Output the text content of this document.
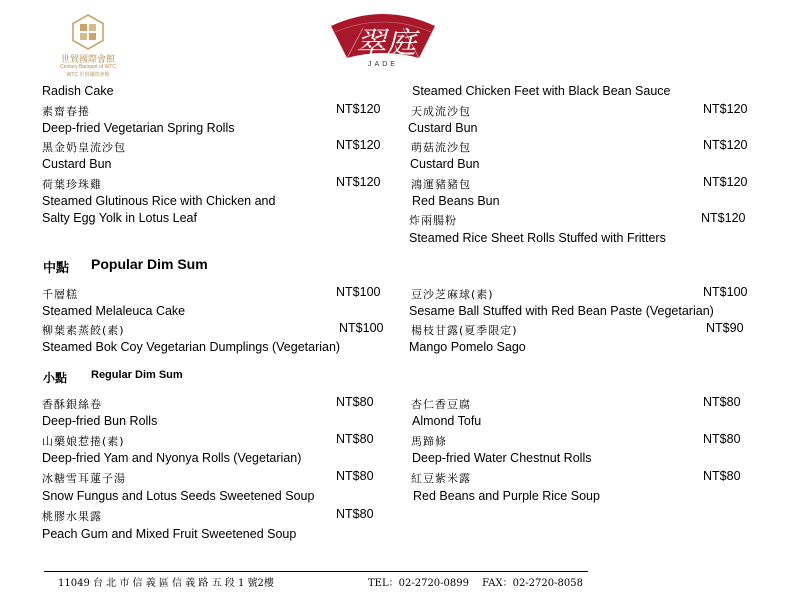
世貿國際會館
Century Banquet of WTC
WTC 世貿國際會館
翠庭
JADE
Radish Cake
素齋春捲	NT$120
Deep-fried Vegetarian Spring Rolls
黑金奶皇流沙包	NT$120
Custard Bun
荷葉珍珠雞	NT$120
Steamed Glutinous Rice with Chicken and
Salty Egg Yolk in Lotus Leaf
Steamed Chicken Feet with Black Bean Sauce
天成流沙包	NT$120
Custard Bun
萌菇流沙包	NT$120
Custard Bun
鴻運豬豬包	NT$120
Red Beans Bun
炸兩腸粉	NT$120
Steamed Rice Sheet Rolls Stuffed with Fritters
中點 Popular Dim Sum
千層糕	NT$100
Steamed Melaleuca Cake
柳葉素蒸餃(素)	NT$100
Steamed Bok Coy Vegetarian Dumplings (Vegetarian)
豆沙芝麻球(素)	NT$100
Sesame Ball Stuffed with Red Bean Paste (Vegetarian)
楊枝甘露(夏季限定)	NT$90
Mango Pomelo Sago
小點 Regular Dim Sum
香酥銀絲卷	NT$80
Deep-fried Bun Rolls
山藥娘惹捲(素)	NT$80
Deep-fried Yam and Nyonya Rolls (Vegetarian)
冰糖雪耳蓮子湯	NT$80
Snow Fungus and Lotus Seeds Sweetened Soup
桃膠水果露	NT$80
Peach Gum and Mixed Fruit Sweetened Soup
杏仁香豆腐	NT$80
Almond Tofu
馬蹄條	NT$80
Deep-fried Water Chestnut Rolls
紅豆紫米露	NT$80
Red Beans and Purple Rice Soup
11049 台 北 市 信 義 區 信 義 路 五 段 1 號2樓	TEL：02-2720-0899　 FAX：02-2720-8058
